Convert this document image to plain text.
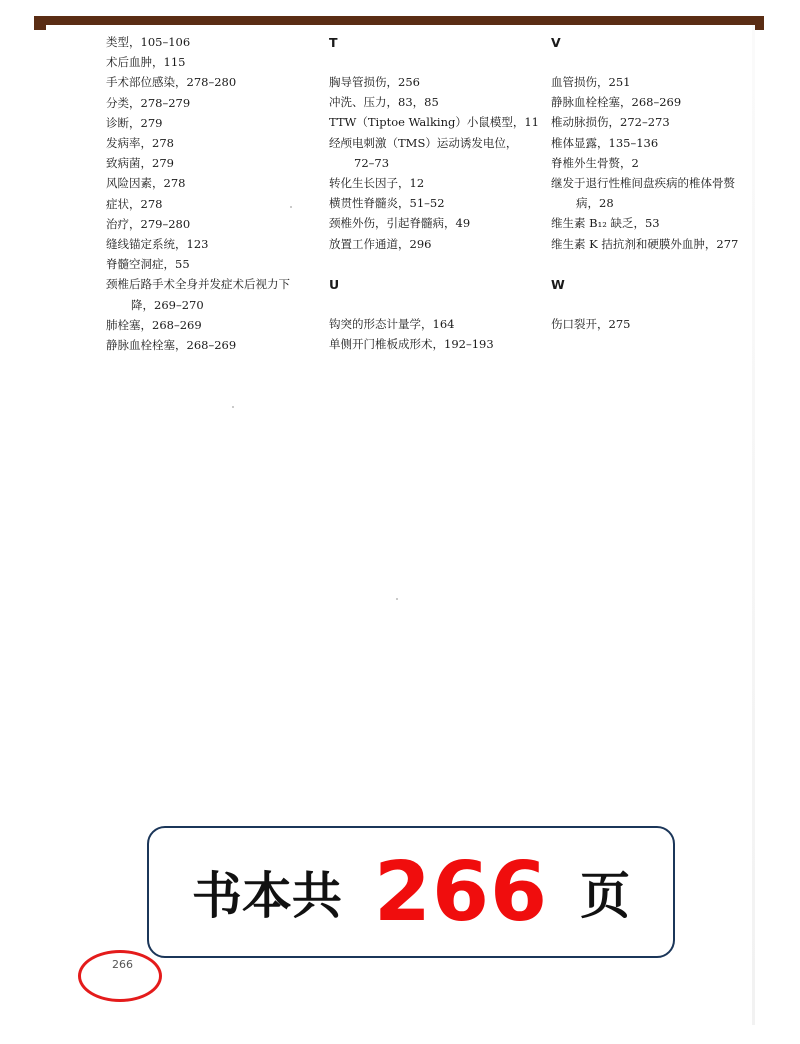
类型，105–106

术后血肿，115

手术部位感染，278–280

分类，278–279

诊断，279

发病率，278

致病菌，279

风险因素，278

症状，278

治疗，279–280

缝线锚定系统，123

脊髓空洞症，55

颈椎后路手术全身并发症术后视力下

降，269–270

肺栓塞，268–269

静脉血栓栓塞，268–269

T

胸导管损伤，256

冲洗、压力，83，85

TTW（Tiptoe Walking）小鼠模型，11

经颅电刺激（TMS）运动诱发电位，

72–73

转化生长因子，12

横贯性脊髓炎，51–52

颈椎外伤，引起脊髓病，49

放置工作通道，296

U

钩突的形态计量学，164

单侧开门椎板成形术，192–193

V

血管损伤，251

静脉血栓栓塞，268–269

椎动脉损伤，272–273

椎体显露，135–136

脊椎外生骨赘，2

继发于退行性椎间盘疾病的椎体骨赘

病，28

维生素 B₁₂ 缺乏，53

维生素 K 拮抗剂和硬膜外血肿，277

W

伤口裂开，275

书本共 266 页
266
